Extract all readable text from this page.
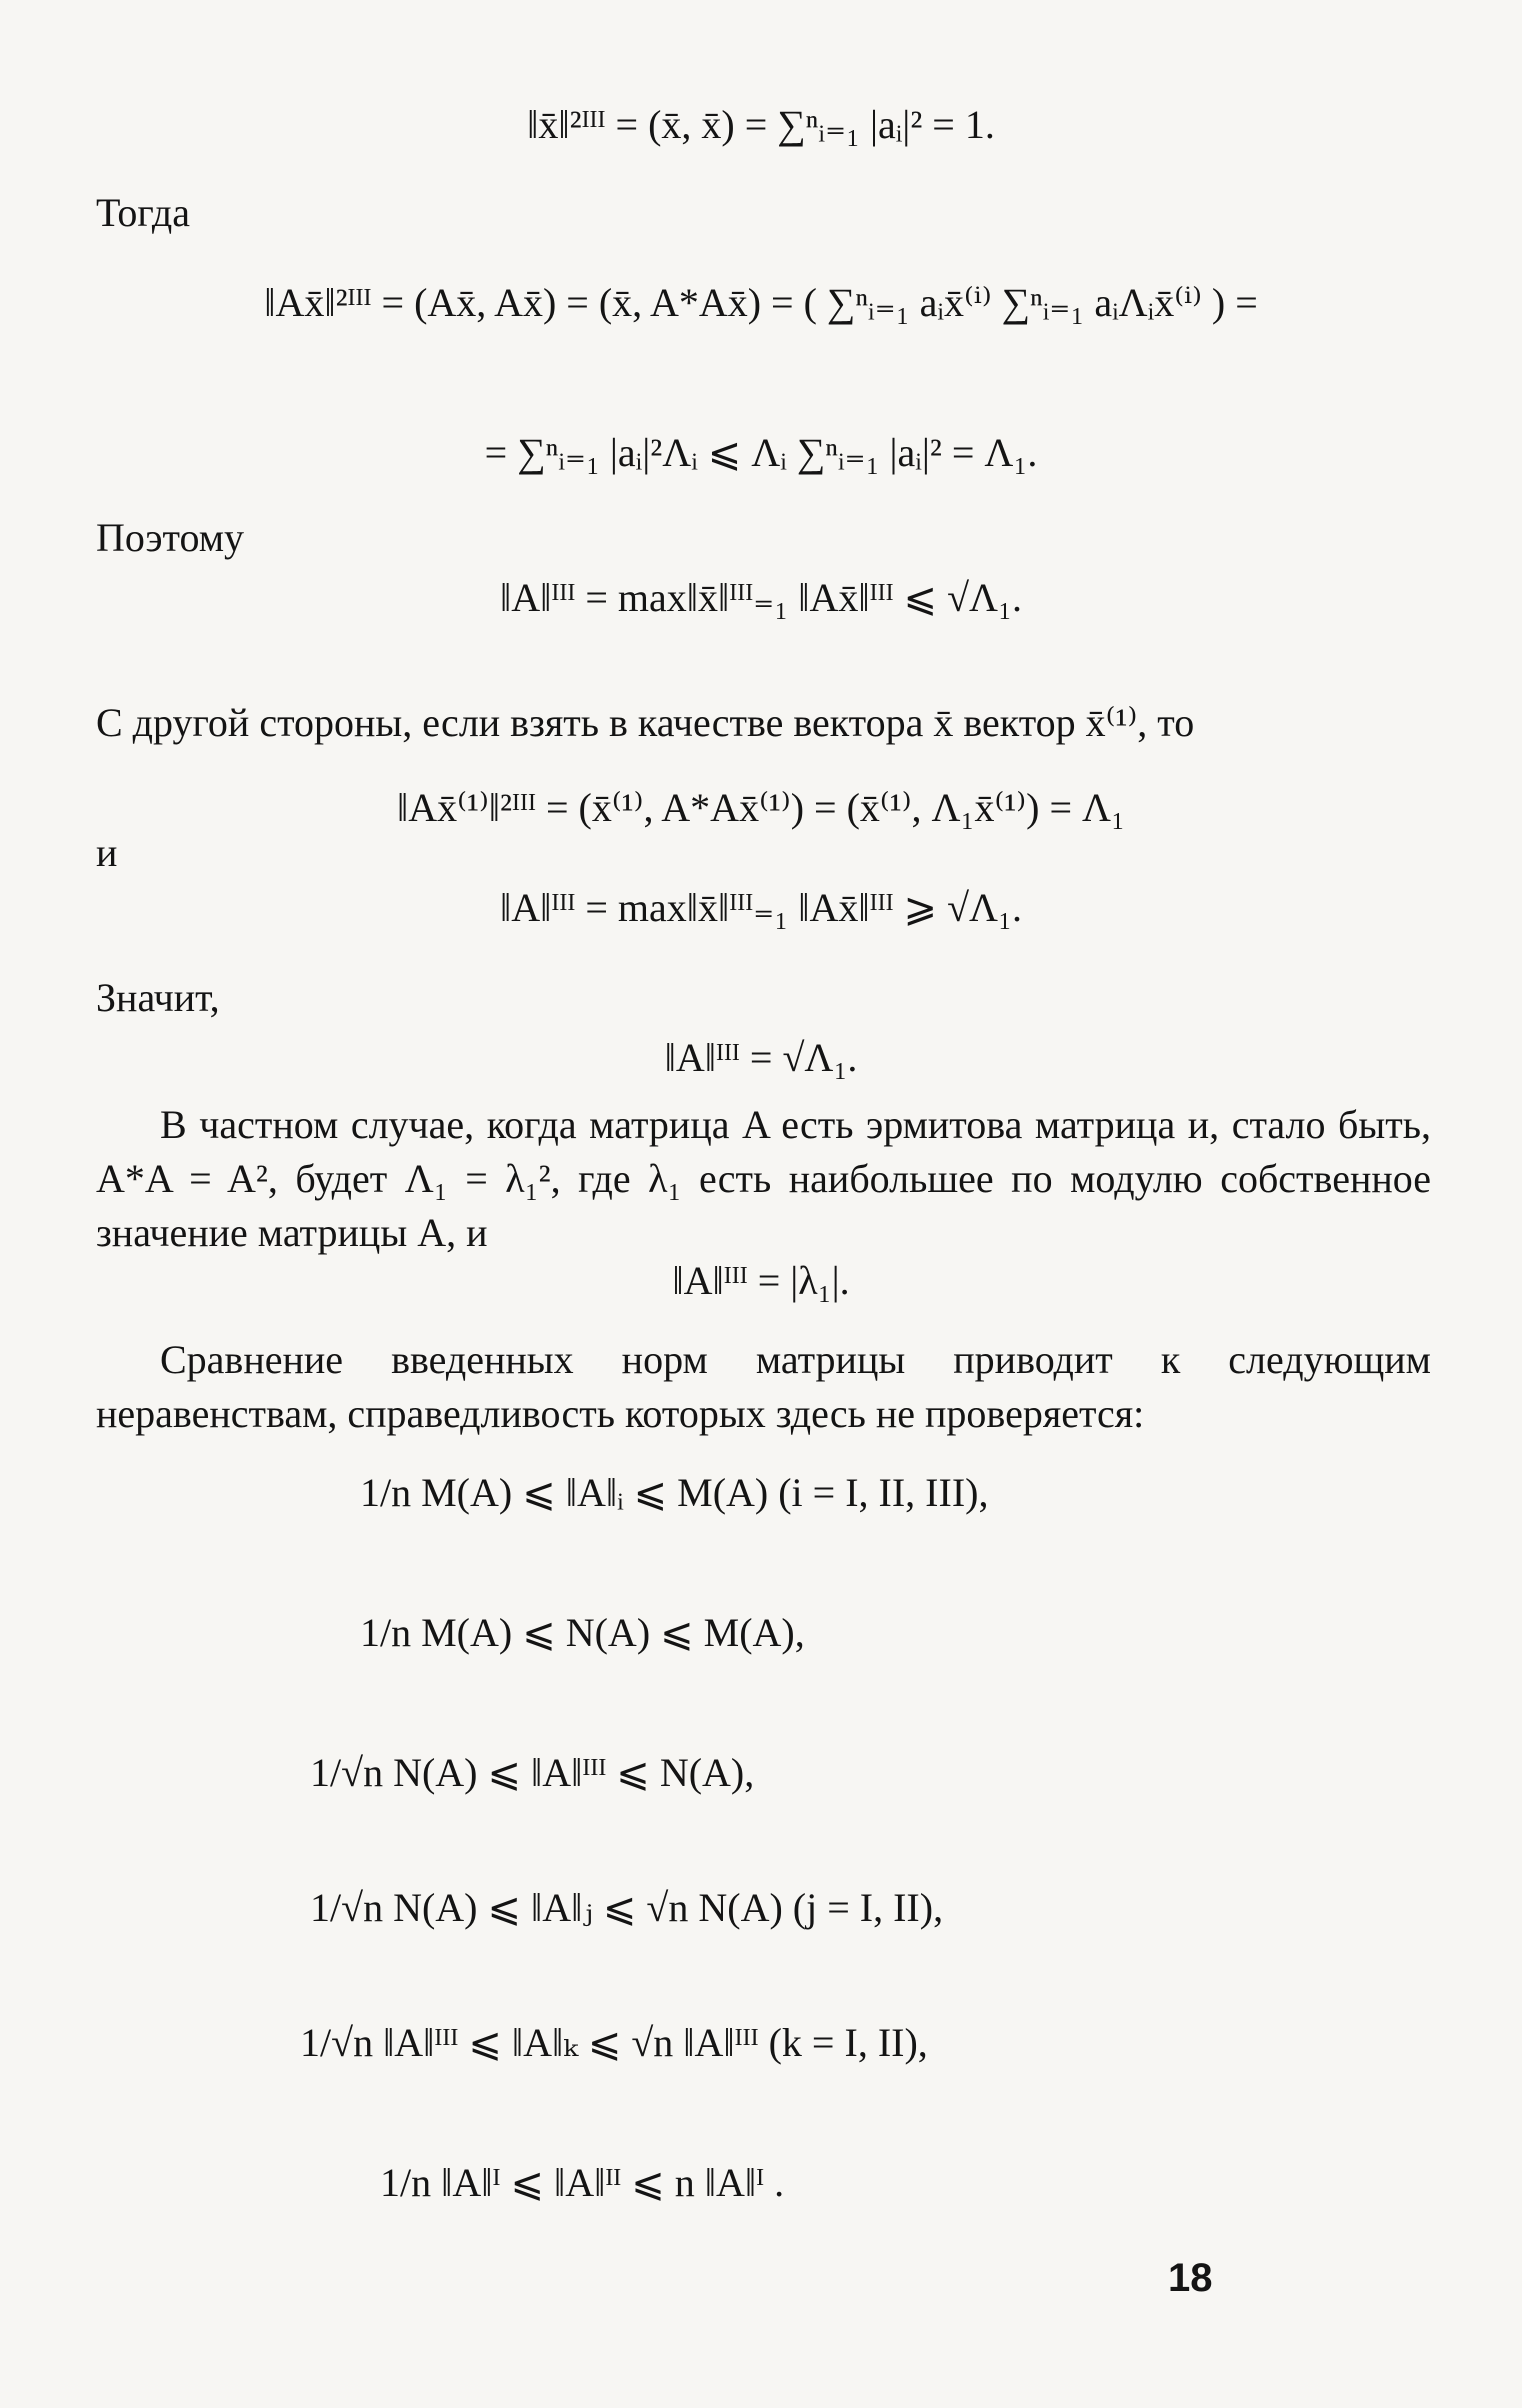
‖x̄‖²ᴵᴵᴵ = (x̄, x̄) = ∑ⁿᵢ₌₁ |aᵢ|² = 1.
Тогда
‖Ax̄‖²ᴵᴵᴵ = (Ax̄, Ax̄) = (x̄, A*Ax̄) = ( ∑ⁿᵢ₌₁ aᵢx̄⁽ⁱ⁾ ∑ⁿᵢ₌₁ aᵢΛᵢx̄⁽ⁱ⁾ ) =
= ∑ⁿᵢ₌₁ |aᵢ|²Λᵢ ⩽ Λᵢ ∑ⁿᵢ₌₁ |aᵢ|² = Λ₁.
Поэтому
‖A‖ᴵᴵᴵ = max‖x̄‖ᴵᴵᴵ₌₁ ‖Ax̄‖ᴵᴵᴵ ⩽ √Λ₁.
С другой стороны, если взять в качестве вектора x̄ вектор x̄⁽¹⁾, то
‖Ax̄⁽¹⁾‖²ᴵᴵᴵ = (x̄⁽¹⁾, A*Ax̄⁽¹⁾) = (x̄⁽¹⁾, Λ₁x̄⁽¹⁾) = Λ₁
и
‖A‖ᴵᴵᴵ = max‖x̄‖ᴵᴵᴵ₌₁ ‖Ax̄‖ᴵᴵᴵ ⩾ √Λ₁.
Значит,
‖A‖ᴵᴵᴵ = √Λ₁.
В частном случае, когда матрица A есть эрмитова матрица и, стало быть, A*A = A², будет Λ₁ = λ₁², где λ₁ есть наибольшее по модулю собственное значение матрицы A, и
‖A‖ᴵᴵᴵ = |λ₁|.
Сравнение введенных норм матрицы приводит к следующим неравенствам, справедливость которых здесь не проверяется:
1/n M(A) ⩽ ‖A‖ᵢ ⩽ M(A) (i = I, II, III),
1/n M(A) ⩽ N(A) ⩽ M(A),
1/√n N(A) ⩽ ‖A‖ᴵᴵᴵ ⩽ N(A),
1/√n N(A) ⩽ ‖A‖ⱼ ⩽ √n N(A) (j = I, II),
1/√n ‖A‖ᴵᴵᴵ ⩽ ‖A‖ₖ ⩽ √n ‖A‖ᴵᴵᴵ (k = I, II),
1/n ‖A‖ᴵ ⩽ ‖A‖ᴵᴵ ⩽ n ‖A‖ᴵ .
18
